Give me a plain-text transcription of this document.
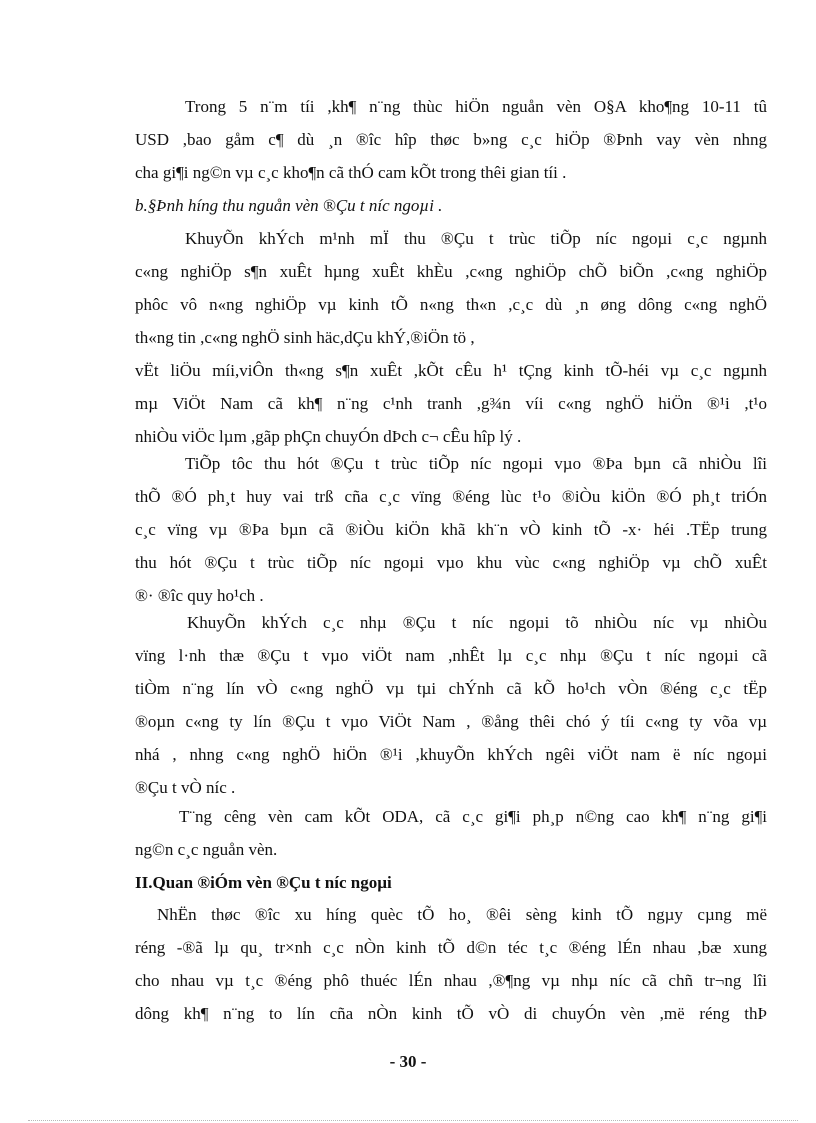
Trong 5 n¨m tíi ,kh¶ n¨ng thùc hiÖn nguån vèn O§A kho¶ng 10-11 tû
USD ,bao gåm c¶ dù ¸n ®îc hîp thøc b»ng c¸c hiÖp ®Þnh vay vèn nhng
cha gi¶i ng©n vµ c¸c kho¶n cã thÓ cam kÕt trong thêi gian tíi .
b.§Þnh híng thu nguån vèn ®Çu t níc ngoµi .
KhuyÕn khÝch m¹nh mÏ thu ®Çu t trùc tiÕp níc ngoµi c¸c ngµnh
c«ng nghiÖp s¶n xuÊt hµng xuÊt khÈu ,c«ng nghiÖp chÕ biÕn ,c«ng nghiÖp
phôc vô n«ng nghiÖp vµ kinh tÕ n«ng th«n ,c¸c dù ¸n øng dông c«ng nghÖ
th«ng tin ,c«ng nghÖ sinh häc,dÇu khÝ,®iÖn tö ,
vËt liÖu míi,viÔn th«ng s¶n xuÊt ,kÕt cÊu h¹ tÇng kinh tÕ-héi vµ c¸c ngµnh
mµ ViÖt Nam cã kh¶ n¨ng c¹nh tranh ,g¾n víi c«ng nghÖ hiÖn ®¹i ,t¹o
nhiÒu viÖc lµm ,gãp phÇn chuyÓn dÞch c¬ cÊu hîp lý .
TiÕp tôc thu hót ®Çu t trùc tiÕp níc ngoµi vµo ®Þa bµn cã nhiÒu lîi
thÕ ®Ó ph¸t huy vai trß cña c¸c vïng ®éng lùc t¹o ®iÒu kiÖn ®Ó ph¸t triÓn
c¸c vïng vµ ®Þa bµn cã ®iÒu kiÖn khã kh¨n vÒ kinh tÕ -x· héi .TËp trung
thu hót ®Çu t trùc tiÕp níc ngoµi vµo khu vùc c«ng nghiÖp vµ chÕ xuÊt
®· ®îc quy ho¹ch .
KhuyÕn khÝch c¸c nhµ ®Çu t níc ngoµi tõ nhiÒu níc vµ nhiÒu
vïng l·nh thæ ®Çu t vµo viÖt nam ,nhÊt lµ c¸c nhµ ®Çu t níc ngoµi cã
tiÒm n¨ng lín vÒ c«ng nghÖ vµ tµi chÝnh cã kÕ ho¹ch vÒn ®éng c¸c tËp
®oµn c«ng ty lín ®Çu t vµo ViÖt Nam , ®ång thêi chó ý tíi c«ng ty võa vµ
nhá , nhng c«ng nghÖ hiÖn ®¹i ,khuyÕn khÝch ngêi viÖt nam ë níc ngoµi
®Çu t vÒ níc .
T¨ng cêng vèn cam kÕt ODA, cã c¸c gi¶i ph¸p n©ng cao kh¶ n¨ng gi¶i
ng©n c¸c nguån vèn.
II.Quan ®iÓm vèn ®Çu t níc ngoµi
NhËn thøc ®îc xu híng quèc tÕ ho¸ ®êi sèng kinh tÕ ngµy cµng më
réng -®ã lµ qu¸ tr×nh c¸c nÒn kinh tÕ d©n téc t¸c ®éng lÉn nhau ,bæ xung
cho nhau vµ t¸c ®éng phô thuéc lÉn nhau ,®¶ng vµ nhµ níc cã chñ tr¬ng lîi
dông kh¶ n¨ng to lín cña nÒn kinh tÕ vÒ di chuyÓn vèn ,më réng thÞ
- 30 -
